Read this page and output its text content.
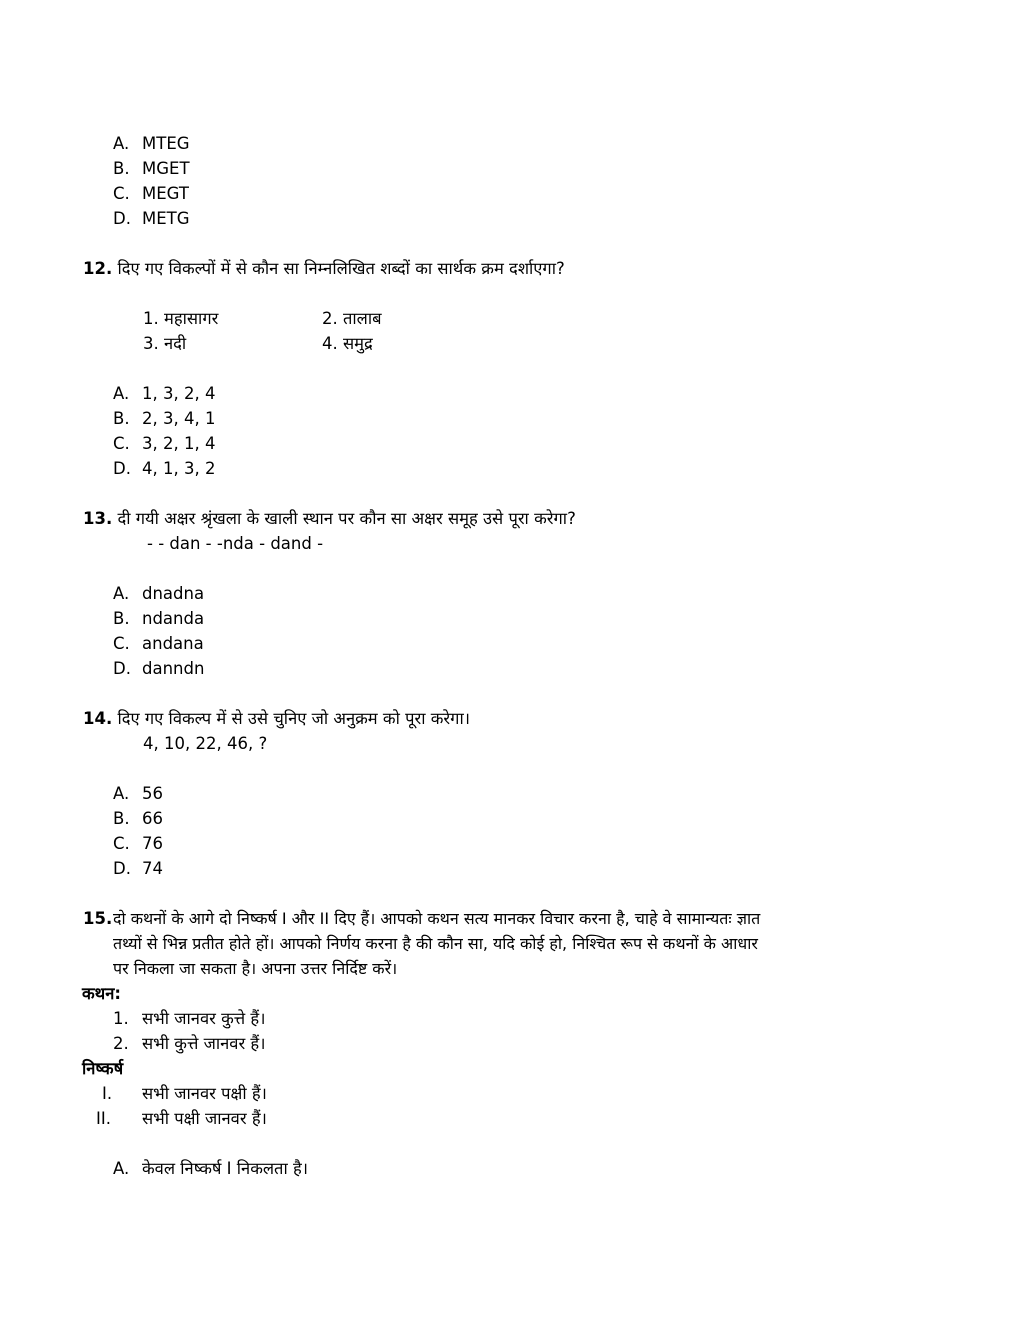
A. MTEG
B. MGET
C. MEGT
D. METG
12. दिए गए विकल्पों में से कौन सा निम्नलिखित शब्दों का सार्थक क्रम दर्शाएगा?
1. महासागर	2. तालाब
3. नदी	4. समुद्र
A. 1, 3, 2, 4
B. 2, 3, 4, 1
C. 3, 2, 1, 4
D. 4, 1, 3, 2
13. दी गयी अक्षर श्रृंखला के खाली स्थान पर कौन सा अक्षर समूह उसे पूरा करेगा?
- - dan - -nda - dand -
A. dnadna
B. ndanda
C. andana
D. danndn
14. दिए गए विकल्प में से उसे चुनिए जो अनुक्रम को पूरा करेगा।
4, 10, 22, 46, ?
A. 56
B. 66
C. 76
D. 74
15. दो कथनों के आगे दो निष्कर्ष I और II दिए हैं। आपको कथन सत्य मानकर विचार करना है, चाहे वे सामान्यतः ज्ञात
तथ्यों से भिन्न प्रतीत होते हों। आपको निर्णय करना है की कौन सा, यदि कोई हो, निश्चित रूप से कथनों के आधार
पर निकला जा सकता है। अपना उत्तर निर्दिष्ट करें।
कथन:
1. सभी जानवर कुत्ते हैं।
2. सभी कुत्ते जानवर हैं।
निष्कर्ष
I. सभी जानवर पक्षी हैं।
II. सभी पक्षी जानवर हैं।
A. केवल निष्कर्ष I निकलता है।
